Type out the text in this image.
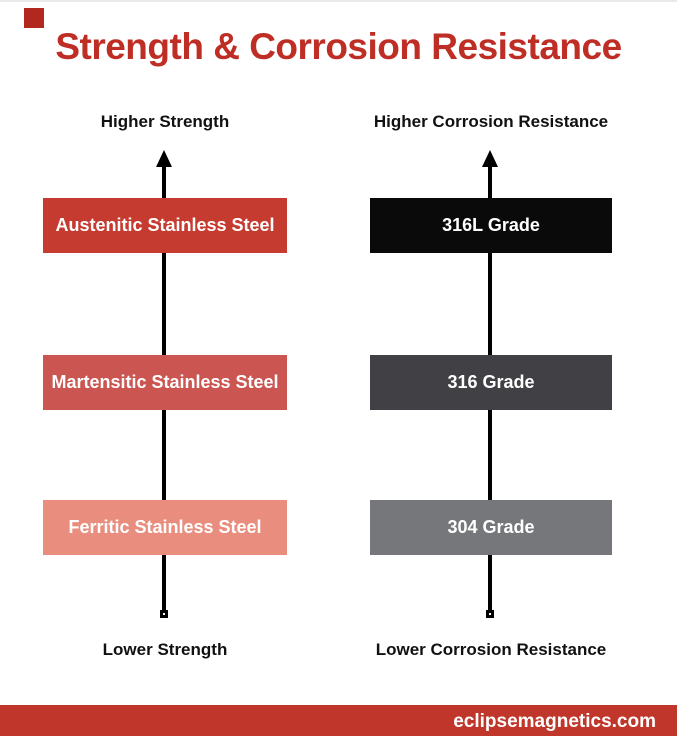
Strength & Corrosion Resistance
Higher Strength
Austenitic Stainless Steel
Martensitic Stainless Steel
Ferritic Stainless Steel
Lower Strength
Higher Corrosion Resistance
316L Grade
316 Grade
304 Grade
Lower Corrosion Resistance
eclipsemagnetics.com
